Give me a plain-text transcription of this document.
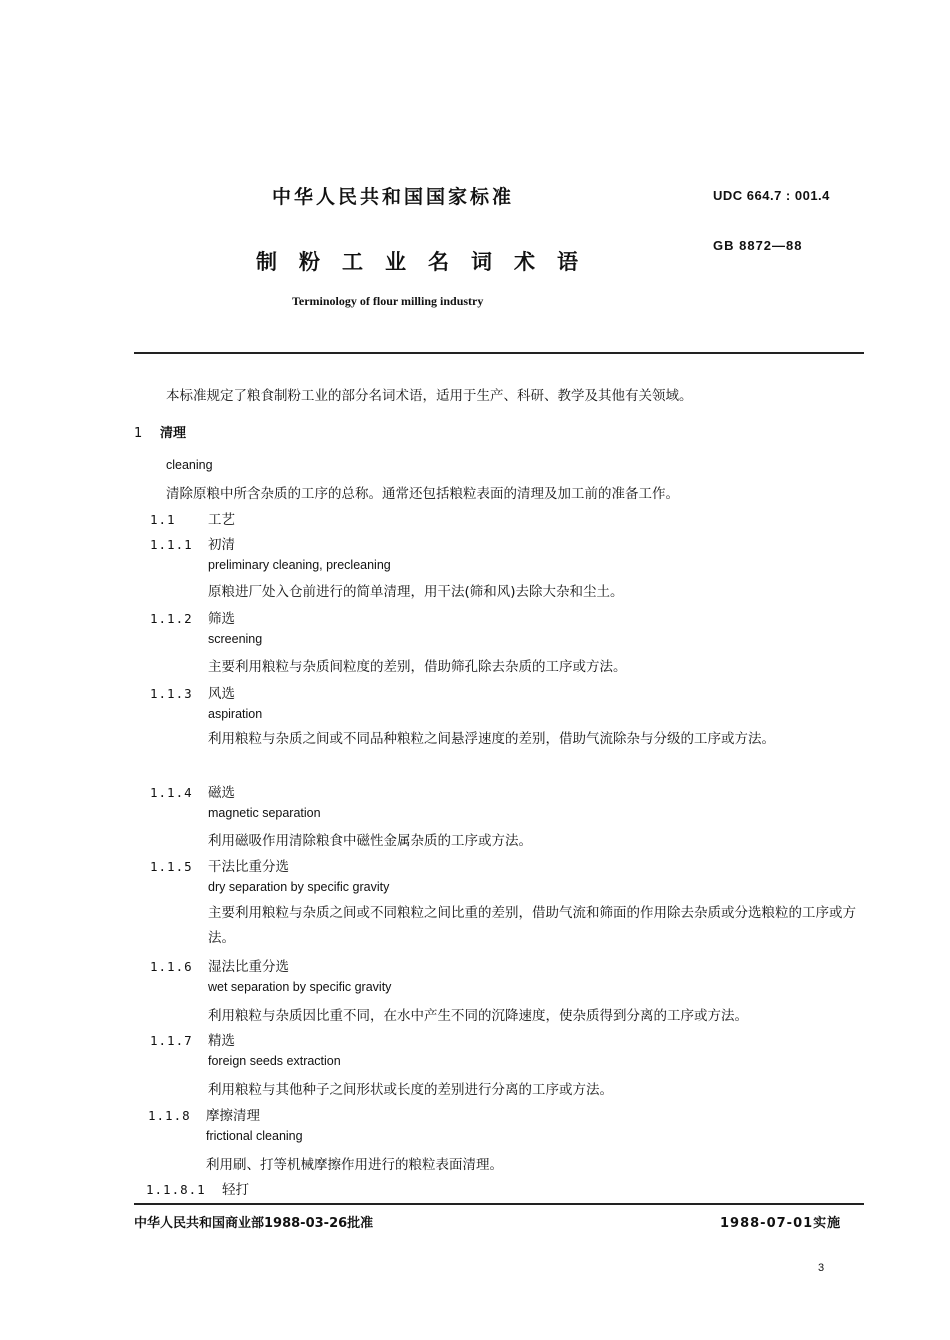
中华人民共和国国家标准	UDC 664.7 : 001.4
制粉工业名词术语
GB 8872—88
Terminology of flour milling industry
本标准规定了粮食制粉工业的部分名词术语，适用于生产、科研、教学及其他有关领域。
1 清理
cleaning
清除原粮中所含杂质的工序的总称。通常还包括粮粒表面的清理及加工前的准备工作。
1.1 工艺
1.1.1 初清
preliminary cleaning, precleaning
原粮进厂处入仓前进行的简单清理，用干法(筛和风)去除大杂和尘土。
1.1.2 筛选
screening
主要利用粮粒与杂质间粒度的差别，借助筛孔除去杂质的工序或方法。
1.1.3 风选
aspiration
利用粮粒与杂质之间或不同品种粮粒之间悬浮速度的差别，借助气流除杂与分级的工序或方法。
1.1.4 磁选
magnetic separation
利用磁吸作用清除粮食中磁性金属杂质的工序或方法。
1.1.5 干法比重分选
dry separation by specific gravity
主要利用粮粒与杂质之间或不同粮粒之间比重的差别，借助气流和筛面的作用除去杂质或分选粮粒的工序或方法。
1.1.6 湿法比重分选
wet separation by specific gravity
利用粮粒与杂质因比重不同，在水中产生不同的沉降速度，使杂质得到分离的工序或方法。
1.1.7 精选
foreign seeds extraction
利用粮粒与其他种子之间形状或长度的差别进行分离的工序或方法。
1.1.8 摩擦清理
frictional cleaning
利用刷、打等机械摩擦作用进行的粮粒表面清理。
1.1.8.1 轻打
中华人民共和国商业部1988-03-26批准	1988-07-01实施
3
